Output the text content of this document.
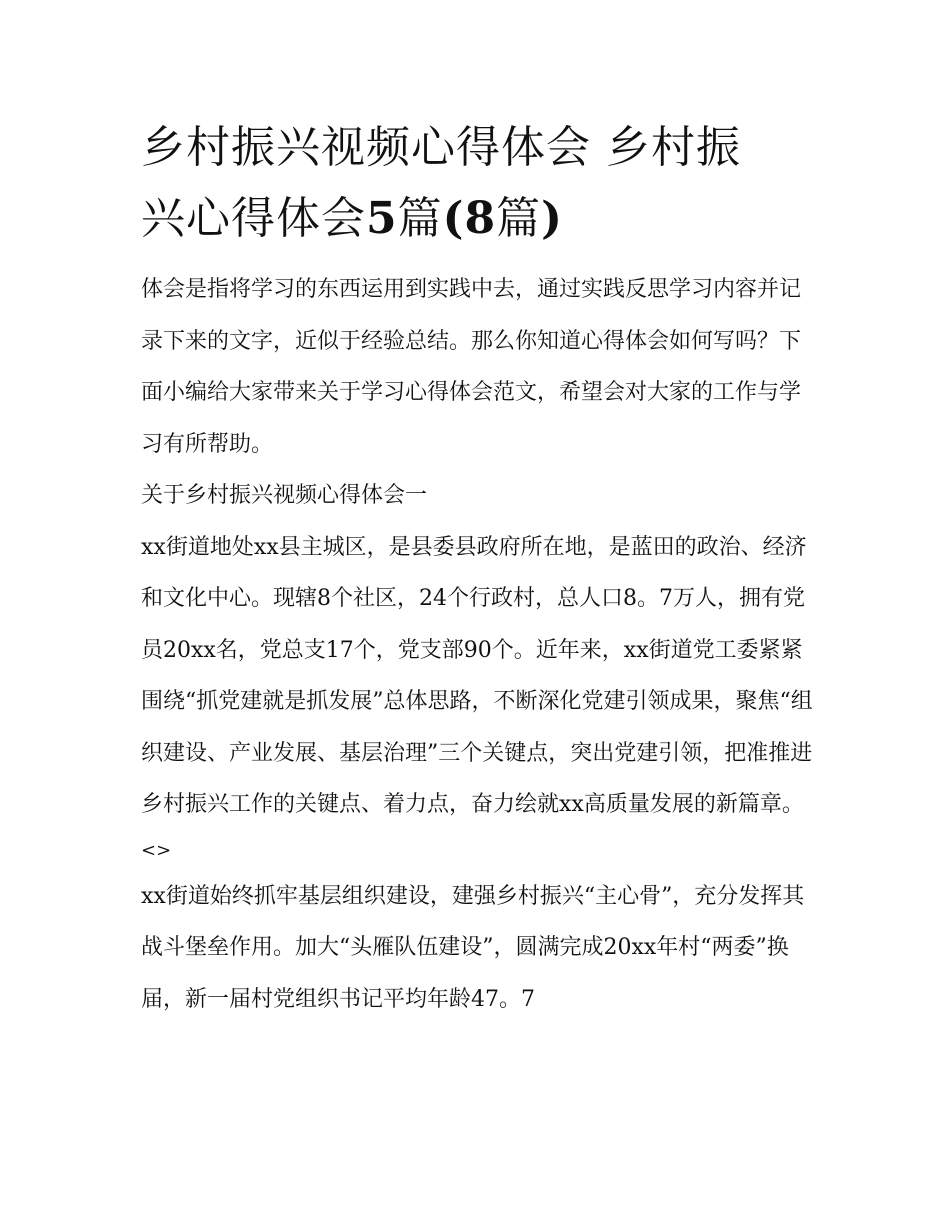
乡村振兴视频心得体会 乡村振
兴心得体会5篇(8篇)

体会是指将学习的东西运用到实践中去，通过实践反思学习内容并记录下来的文字，近似于经验总结。那么你知道心得体会如何写吗？下面小编给大家带来关于学习心得体会范文，希望会对大家的工作与学习有所帮助。

关于乡村振兴视频心得体会一

xx街道地处xx县主城区，是县委县政府所在地，是蓝田的政治、经济和文化中心。现辖8个社区，24个行政村，总人口8。7万人，拥有党员20xx名，党总支17个，党支部90个。近年来，xx街道党工委紧紧围绕“抓党建就是抓发展”总体思路，不断深化党建引领成果，聚焦“组织建设、产业发展、基层治理”三个关键点，突出党建引领，把准推进乡村振兴工作的关键点、着力点，奋力绘就xx高质量发展的新篇章。

<>

xx街道始终抓牢基层组织建设，建强乡村振兴“主心骨”，充分发挥其战斗堡垒作用。加大“头雁队伍建设”，圆满完成20xx年村“两委”换届，新一届村党组织书记平均年龄47。7
